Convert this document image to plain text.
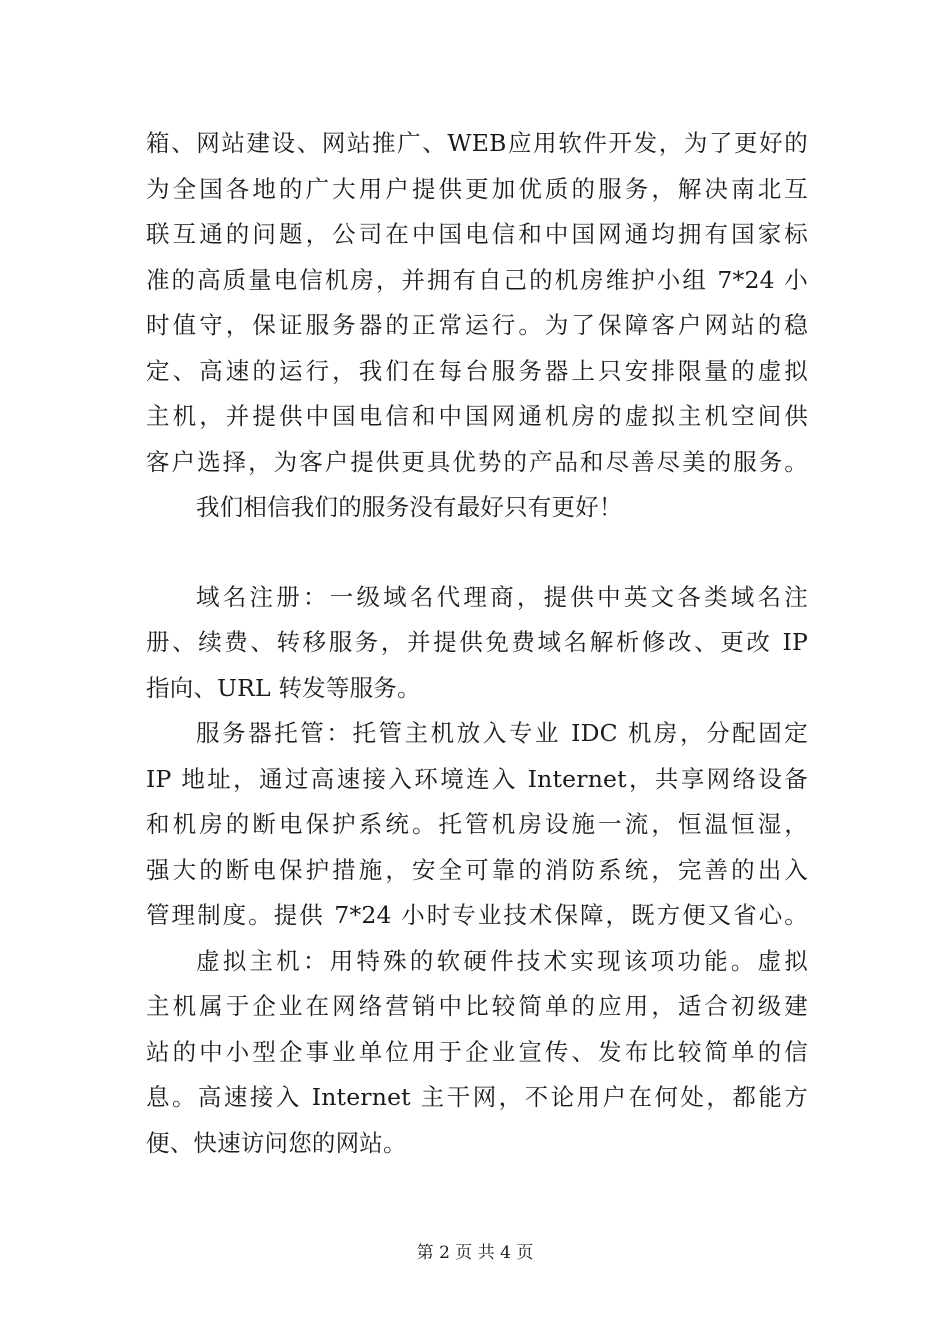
箱、网站建设、网站推广、WEB应用软件开发，为了更好的
为全国各地的广大用户提供更加优质的服务，解决南北互
联互通的问题，公司在中国电信和中国网通均拥有国家标
准的高质量电信机房，并拥有自己的机房维护小组 7*24 小
时值守，保证服务器的正常运行。为了保障客户网站的稳
定、高速的运行，我们在每台服务器上只安排限量的虚拟
主机，并提供中国电信和中国网通机房的虚拟主机空间供
客户选择，为客户提供更具优势的产品和尽善尽美的服务。
我们相信我们的服务没有最好只有更好！
域名注册：一级域名代理商，提供中英文各类域名注
册、续费、转移服务，并提供免费域名解析修改、更改 IP
指向、URL 转发等服务。
服务器托管：托管主机放入专业 IDC 机房，分配固定
IP 地址，通过高速接入环境连入 Internet，共享网络设备
和机房的断电保护系统。托管机房设施一流，恒温恒湿，
强大的断电保护措施，安全可靠的消防系统，完善的出入
管理制度。提供 7*24 小时专业技术保障，既方便又省心。
虚拟主机：用特殊的软硬件技术实现该项功能。虚拟
主机属于企业在网络营销中比较简单的应用，适合初级建
站的中小型企事业单位用于企业宣传、发布比较简单的信
息。高速接入 Internet 主干网，不论用户在何处，都能方
便、快速访问您的网站。
第 2 页 共 4 页
